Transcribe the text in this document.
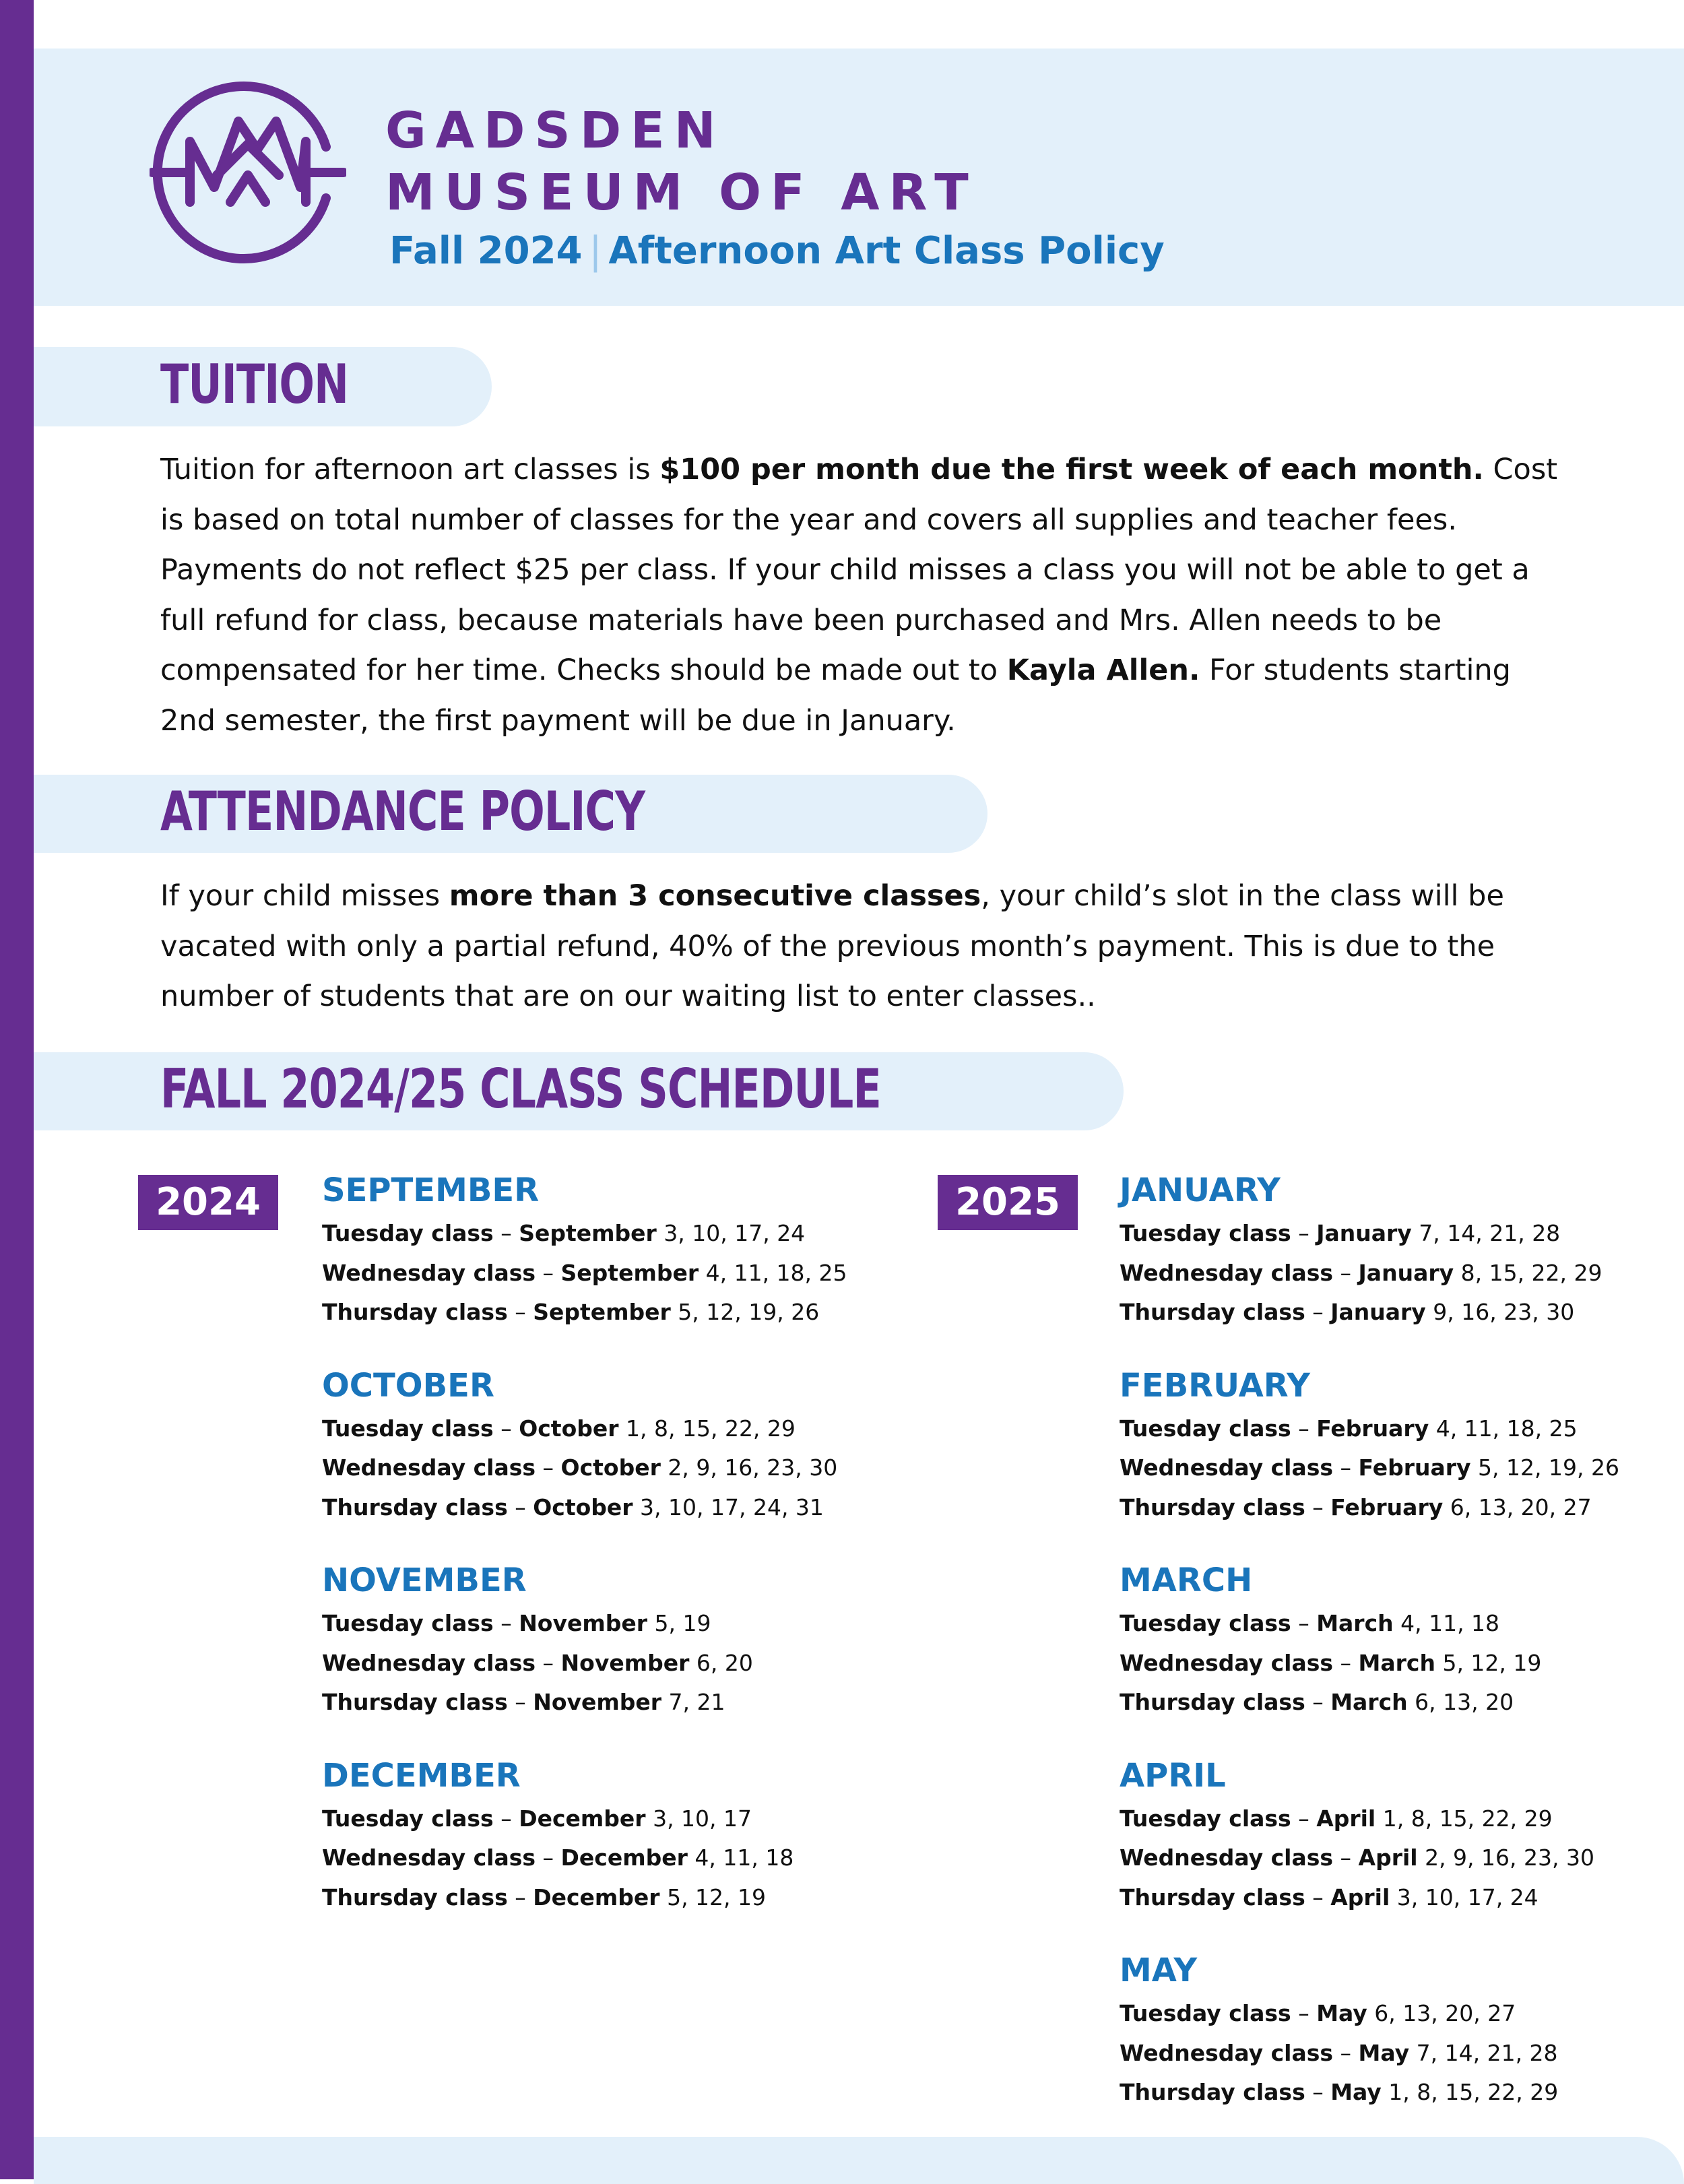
GADSDEN
MUSEUM OF ART
Fall 2024 | Afternoon Art Class Policy
TUITION
Tuition for afternoon art classes is $100 per month due the first week of each month. Cost is based on total number of classes for the year and covers all supplies and teacher fees. Payments do not reflect $25 per class. If your child misses a class you will not be able to get a full refund for class, because materials have been purchased and Mrs. Allen needs to be compensated for her time. Checks should be made out to Kayla Allen. For students starting 2nd semester, the first payment will be due in January.
ATTENDANCE POLICY
If your child misses more than 3 consecutive classes, your child’s slot in the class will be vacated with only a partial refund, 40% of the previous month’s payment. This is due to the number of students that are on our waiting list to enter classes..
FALL 2024/25 CLASS SCHEDULE
2024	SEPTEMBER
Tuesday class – September 3, 10, 17, 24
Wednesday class – September 4, 11, 18, 25
Thursday class – September 5, 12, 19, 26
OCTOBER
Tuesday class – October 1, 8, 15, 22, 29
Wednesday class – October 2, 9, 16, 23, 30
Thursday class – October 3, 10, 17, 24, 31
NOVEMBER
Tuesday class – November 5, 19
Wednesday class – November 6, 20
Thursday class – November 7, 21
DECEMBER
Tuesday class – December 3, 10, 17
Wednesday class – December 4, 11, 18
Thursday class – December 5, 12, 19
2025	JANUARY
Tuesday class – January 7, 14, 21, 28
Wednesday class – January 8, 15, 22, 29
Thursday class – January 9, 16, 23, 30
FEBRUARY
Tuesday class – February 4, 11, 18, 25
Wednesday class – February 5, 12, 19, 26
Thursday class – February 6, 13, 20, 27
MARCH
Tuesday class – March 4, 11, 18
Wednesday class – March 5, 12, 19
Thursday class – March 6, 13, 20
APRIL
Tuesday class – April 1, 8, 15, 22, 29
Wednesday class – April 2, 9, 16, 23, 30
Thursday class – April 3, 10, 17, 24
MAY
Tuesday class – May 6, 13, 20, 27
Wednesday class – May 7, 14, 21, 28
Thursday class – May 1, 8, 15, 22, 29
